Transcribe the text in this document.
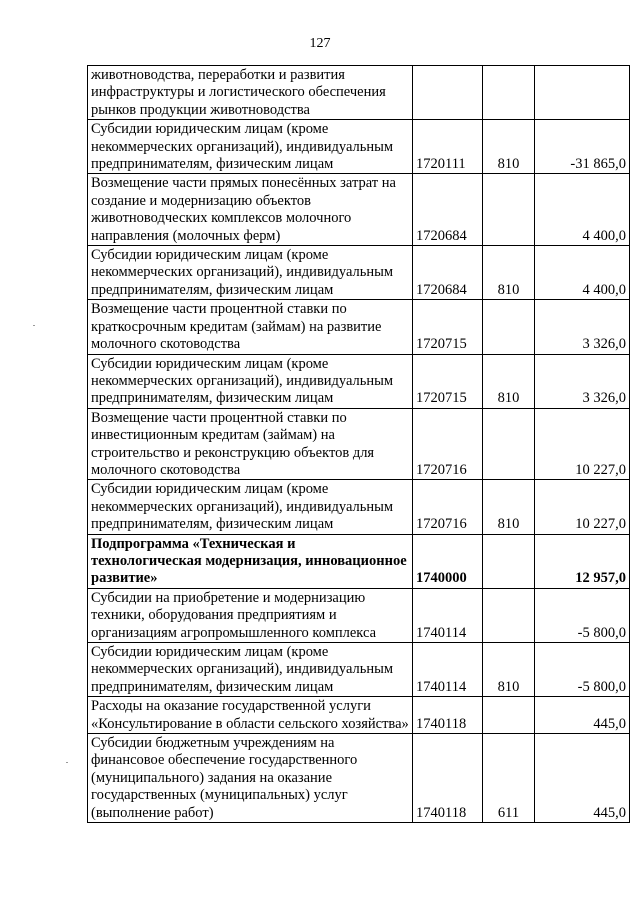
127
животноводства, переработки и развития инфраструктуры и логистического обеспечения рынков продукции животноводства			
Субсидии юридическим лицам (кроме некоммерческих организаций), индивидуальным предпринимателям, физическим лицам	1720111	810	-31 865,0
Возмещение части прямых понесённых затрат на создание и модернизацию объектов животноводческих комплексов молочного направления (молочных ферм)	1720684		4 400,0
Субсидии юридическим лицам (кроме некоммерческих организаций), индивидуальным предпринимателям, физическим лицам	1720684	810	4 400,0
Возмещение части процентной ставки по краткосрочным кредитам (займам) на развитие молочного скотоводства	1720715		3 326,0
Субсидии юридическим лицам (кроме некоммерческих организаций), индивидуальным предпринимателям, физическим лицам	1720715	810	3 326,0
Возмещение части процентной ставки по инвестиционным кредитам (займам) на строительство и реконструкцию объектов для молочного скотоводства	1720716		10 227,0
Субсидии юридическим лицам (кроме некоммерческих организаций), индивидуальным предпринимателям, физическим лицам	1720716	810	10 227,0
Подпрограмма «Техническая и технологическая модернизация, инновационное развитие»	1740000		12 957,0
Субсидии на приобретение и модернизацию техники, оборудования предприятиям и организациям агропромышленного комплекса	1740114		-5 800,0
Субсидии юридическим лицам (кроме некоммерческих организаций), индивидуальным предпринимателям, физическим лицам	1740114	810	-5 800,0
Расходы на оказание государственной услуги «Консультирование в области сельского хозяйства»	1740118		445,0
Субсидии бюджетным учреждениям на финансовое обеспечение государственного (муниципального) задания на оказание государственных (муниципальных) услуг (выполнение работ)	1740118	611	445,0
